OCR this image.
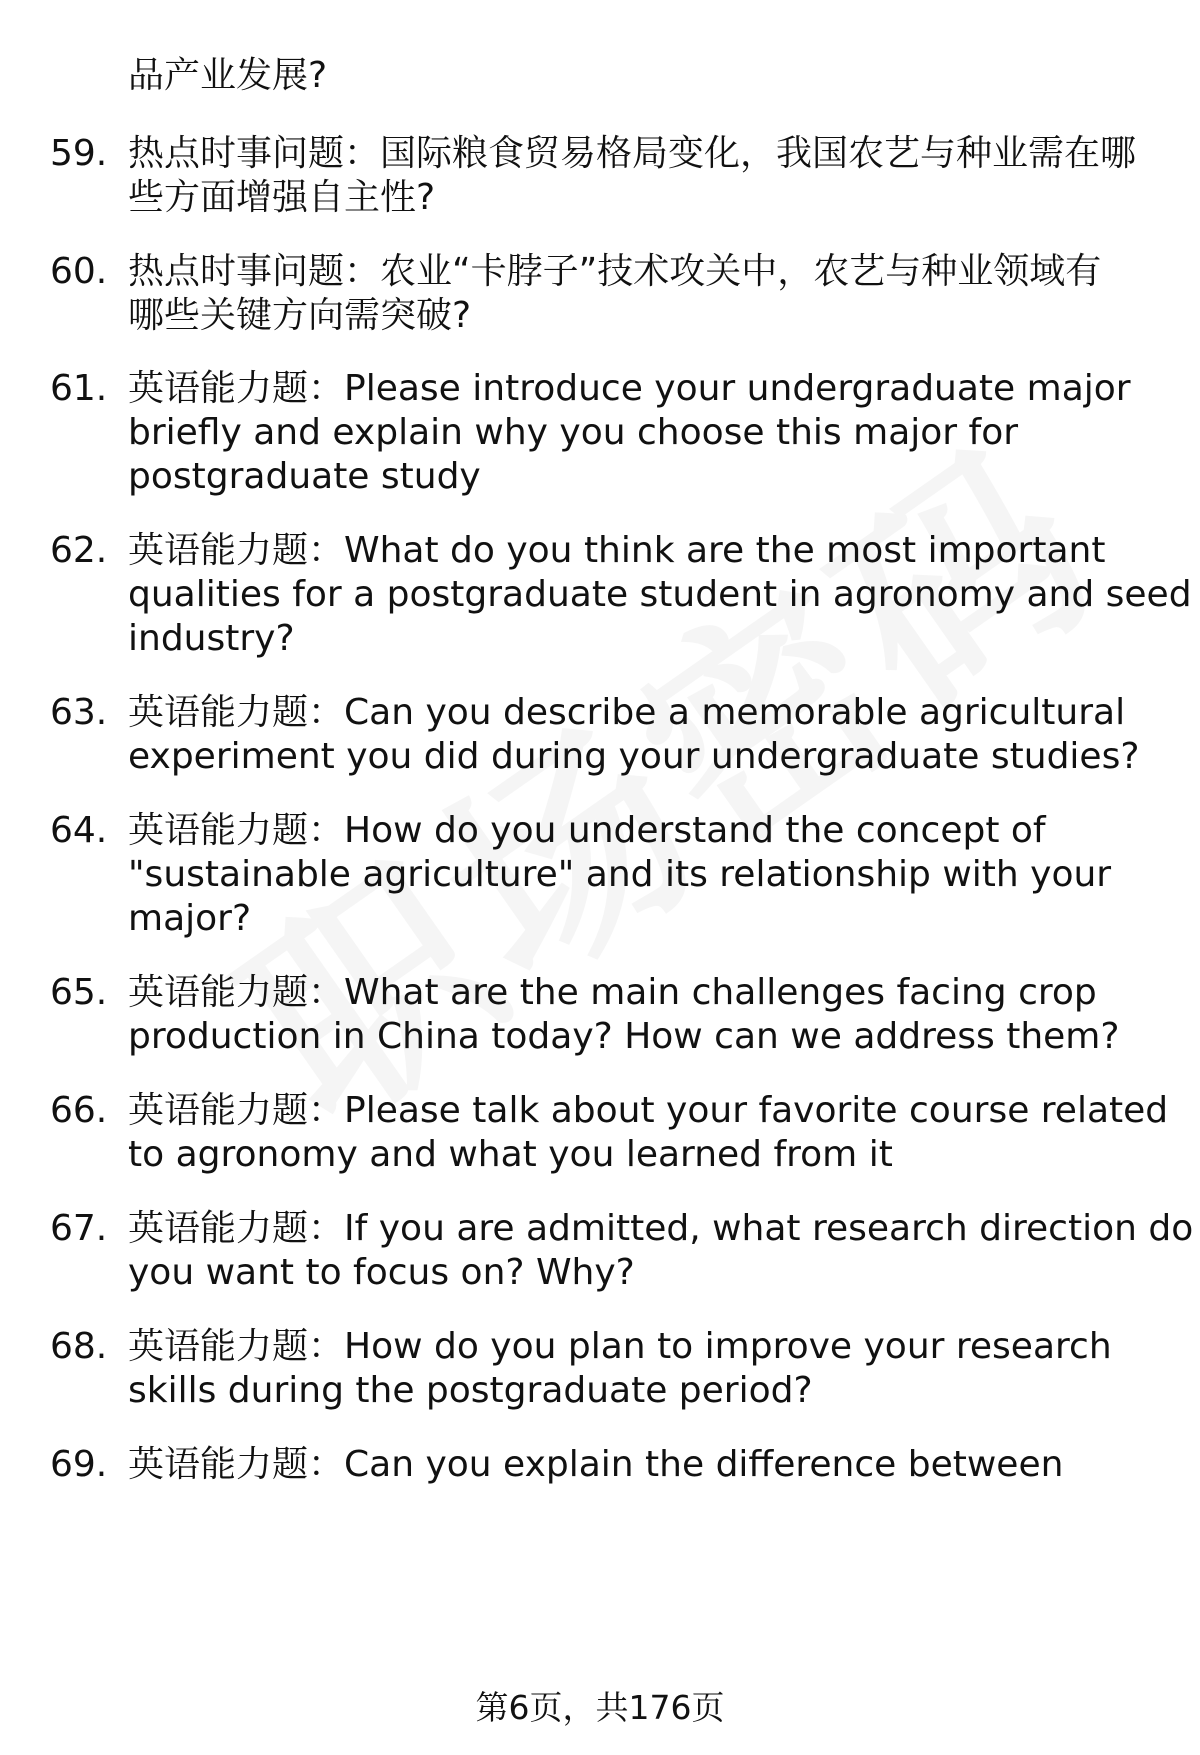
品产业发展?
59. 热点时事问题：国际粮食贸易格局变化，我国农艺与种业需在哪
些方面增强自主性?
60. 热点时事问题：农业“卡脖子”技术攻关中，农艺与种业领域有
哪些关键方向需突破?
61. 英语能力题：Please introduce your undergraduate major
briefly and explain why you choose this major for
postgraduate study
62. 英语能力题：What do you think are the most important
qualities for a postgraduate student in agronomy and seed
industry?
63. 英语能力题：Can you describe a memorable agricultural
experiment you did during your undergraduate studies?
64. 英语能力题：How do you understand the concept of
"sustainable agriculture" and its relationship with your
major?
65. 英语能力题：What are the main challenges facing crop
production in China today? How can we address them?
66. 英语能力题：Please talk about your favorite course related
to agronomy and what you learned from it
67. 英语能力题：If you are admitted, what research direction do
you want to focus on? Why?
68. 英语能力题：How do you plan to improve your research
skills during the postgraduate period?
69. 英语能力题：Can you explain the difference between
第6页，共176页
